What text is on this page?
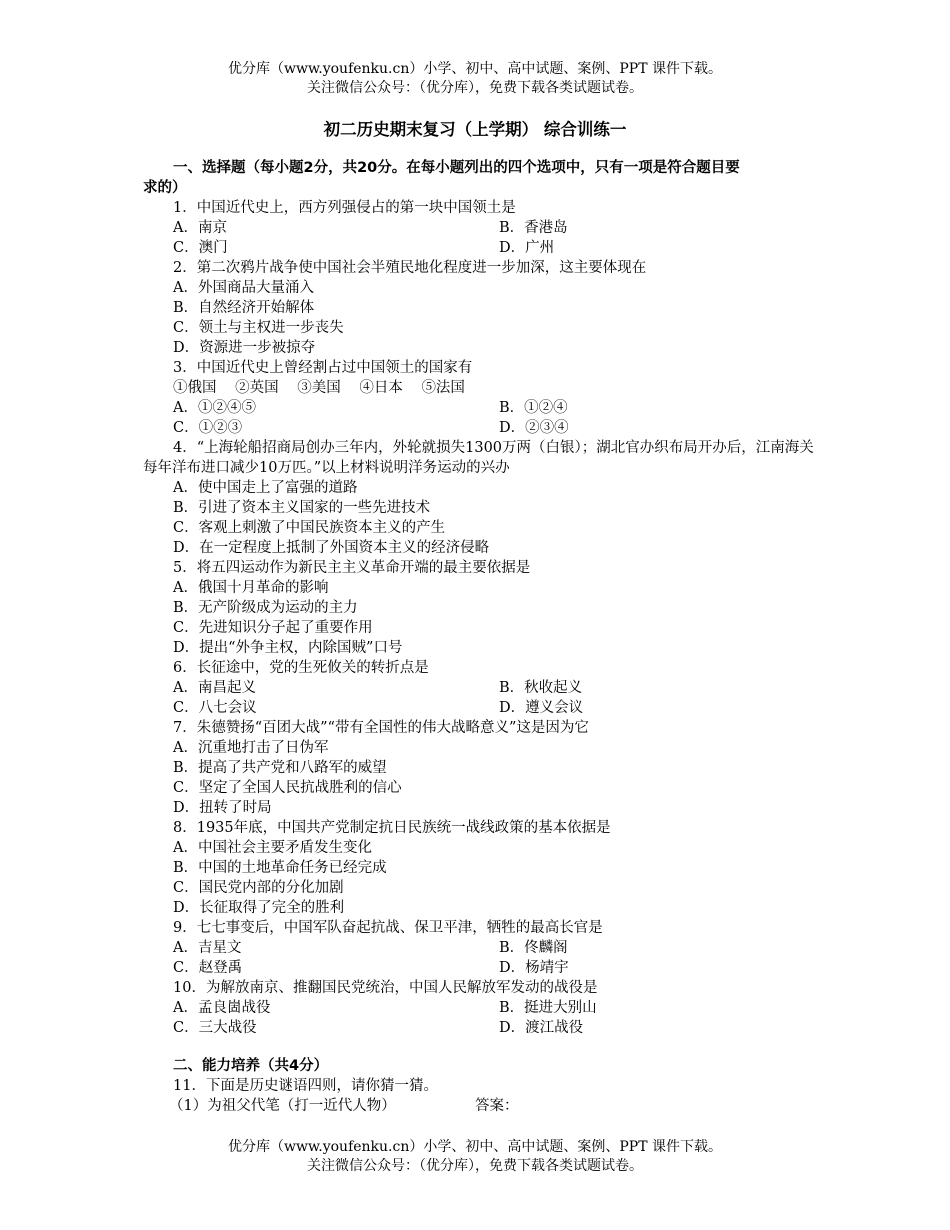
优分库（www.youfenku.cn）小学、初中、高中试题、案例、PPT 课件下载。
关注微信公众号：（优分库），免费下载各类试题试卷。
初二历史期末复习（上学期） 综合训练一
一、选择题（每小题2分，共20分。在每小题列出的四个选项中，只有一项是符合题目要
求的）
1．中国近代史上，西方列强侵占的第一块中国领土是
A．南京	B．香港岛
C．澳门	D．广州
2．第二次鸦片战争使中国社会半殖民地化程度进一步加深，这主要体现在
A．外国商品大量涌入
B．自然经济开始解体
C．领土与主权进一步丧失
D．资源进一步被掠夺
3．中国近代史上曾经割占过中国领土的国家有
①俄国 ②英国 ③美国 ④日本 ⑤法国
A．①②④⑤	B．①②④
C．①②③	D．②③④
4．“上海轮船招商局创办三年内，外轮就损失1300万两（白银）；湖北官办织布局开办后，江南海关每年洋布进口减少10万匹。”以上材料说明洋务运动的兴办
A．使中国走上了富强的道路
B．引进了资本主义国家的一些先进技术
C．客观上刺激了中国民族资本主义的产生
D．在一定程度上抵制了外国资本主义的经济侵略
5．将五四运动作为新民主主义革命开端的最主要依据是
A．俄国十月革命的影响
B．无产阶级成为运动的主力
C．先进知识分子起了重要作用
D．提出“外争主权，内除国贼”口号
6．长征途中，党的生死攸关的转折点是
A．南昌起义	B．秋收起义
C．八七会议	D．遵义会议
7．朱德赞扬“百团大战”“带有全国性的伟大战略意义”这是因为它
A．沉重地打击了日伪军
B．提高了共产党和八路军的威望
C．坚定了全国人民抗战胜利的信心
D．扭转了时局
8．1935年底，中国共产党制定抗日民族统一战线政策的基本依据是
A．中国社会主要矛盾发生变化
B．中国的土地革命任务已经完成
C．国民党内部的分化加剧
D．长征取得了完全的胜利
9．七七事变后，中国军队奋起抗战、保卫平津，牺牲的最高长官是
A．吉星文	B．佟麟阁
C．赵登禹	D．杨靖宇
10．为解放南京、推翻国民党统治，中国人民解放军发动的战役是
A．孟良崮战役	B．挺进大别山
C．三大战役	D．渡江战役
二、能力培养（共4分）
11．下面是历史谜语四则，请你猜一猜。
（1）为祖父代笔（打一近代人物）	答案：
优分库（www.youfenku.cn）小学、初中、高中试题、案例、PPT 课件下载。
关注微信公众号：（优分库），免费下载各类试题试卷。
